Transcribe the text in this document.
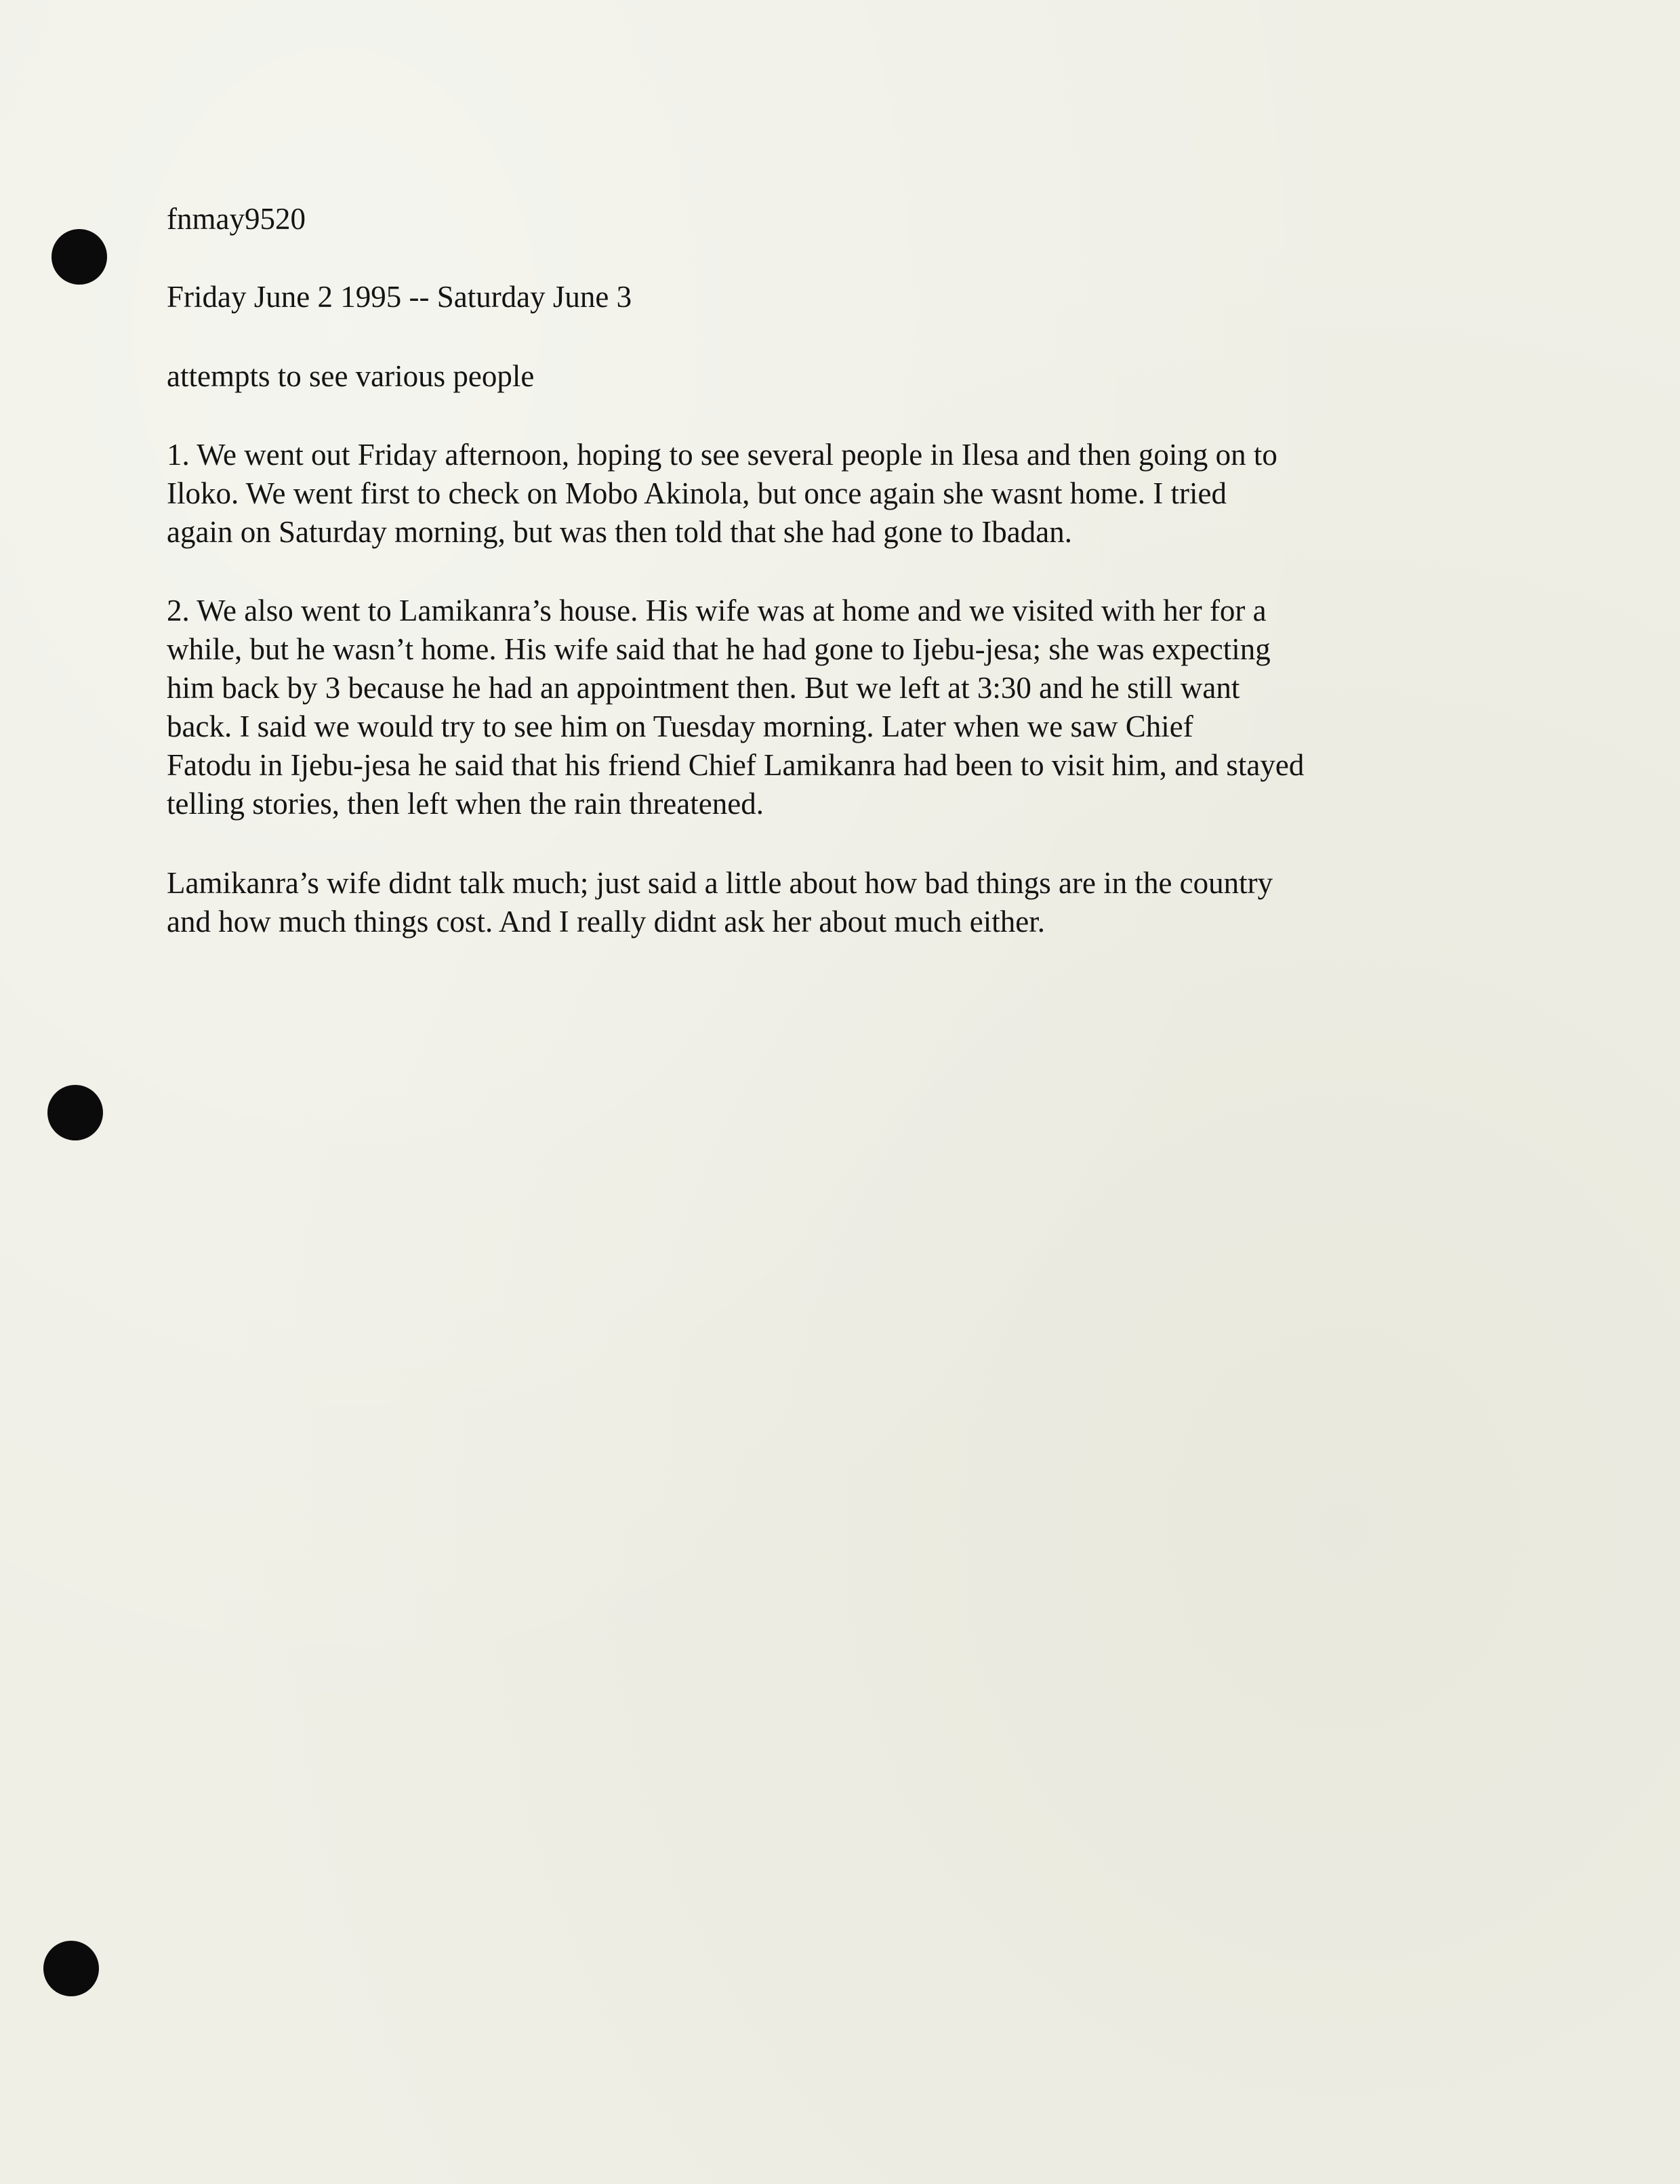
fnmay9520

Friday June 2 1995 -- Saturday June 3

attempts to see various people

1. We went out Friday afternoon, hoping to see several people in Ilesa and then going on to
Iloko. We went first to check on Mobo Akinola, but once again she wasnt home. I tried
again on Saturday morning, but was then told that she had gone to Ibadan.
2. We also went to Lamikanra’s house. His wife was at home and we visited with her for a
while, but he wasn’t home. His wife said that he had gone to Ijebu-jesa; she was expecting
him back by 3 because he had an appointment then. But we left at 3:30 and he still want
back. I said we would try to see him on Tuesday morning. Later when we saw Chief
Fatodu in Ijebu-jesa he said that his friend Chief Lamikanra had been to visit him, and stayed
telling stories, then left when the rain threatened.
Lamikanra’s wife didnt talk much; just said a little about how bad things are in the country
and how much things cost. And I really didnt ask her about much either.
